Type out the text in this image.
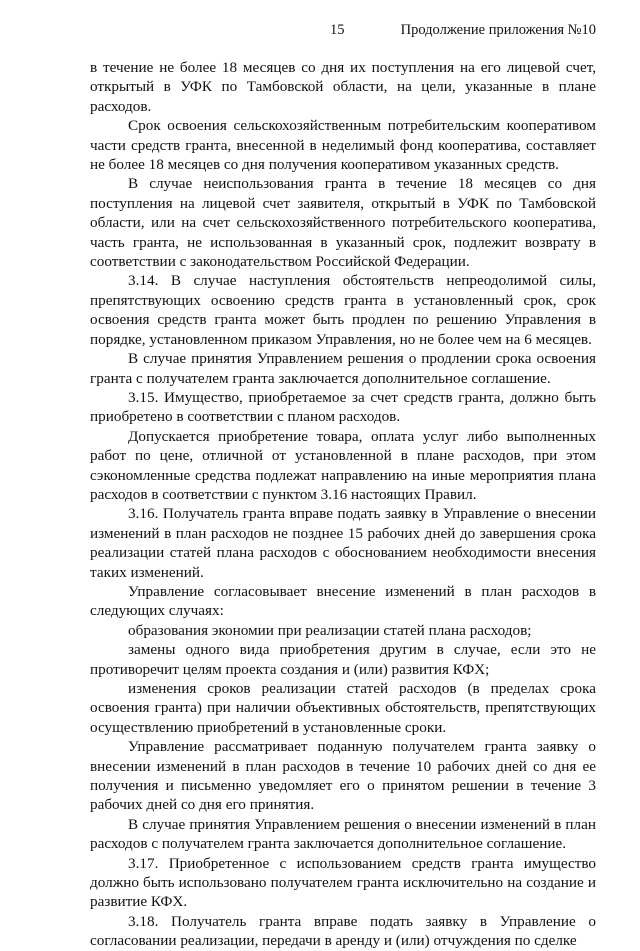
15	Продолжение приложения №10

в течение не более 18 месяцев со дня их поступления на его лицевой счет, открытый в УФК по Тамбовской области, на цели, указанные в плане расходов.

Срок освоения сельскохозяйственным потребительским кооперативом части средств гранта, внесенной в неделимый фонд кооператива, составляет не более 18 месяцев со дня получения кооперативом указанных средств.

В случае неиспользования гранта в течение 18 месяцев со дня поступления на лицевой счет заявителя, открытый в УФК по Тамбовской области, или на счет сельскохозяйственного потребительского кооператива, часть гранта, не использованная в указанный срок, подлежит возврату в соответствии с законодательством Российской Федерации.

3.14. В случае наступления обстоятельств непреодолимой силы, препятствующих освоению средств гранта в установленный срок, срок освоения средств гранта может быть продлен по решению Управления в порядке, установленном приказом Управления, но не более чем на 6 месяцев.

В случае принятия Управлением решения о продлении срока освоения гранта с получателем гранта заключается дополнительное соглашение.

3.15. Имущество, приобретаемое за счет средств гранта, должно быть приобретено в соответствии с планом расходов.

Допускается приобретение товара, оплата услуг либо выполненных работ по цене, отличной от установленной в плане расходов, при этом сэкономленные средства подлежат направлению на иные мероприятия плана расходов в соответствии с пунктом 3.16 настоящих Правил.

3.16. Получатель гранта вправе подать заявку в Управление о внесении изменений в план расходов не позднее 15 рабочих дней до завершения срока реализации статей плана расходов с обоснованием необходимости внесения таких изменений.

Управление согласовывает внесение изменений в план расходов в следующих случаях:

образования экономии при реализации статей плана расходов;

замены одного вида приобретения другим в случае, если это не противоречит целям проекта создания и (или) развития КФХ;

изменения сроков реализации статей расходов (в пределах срока освоения гранта) при наличии объективных обстоятельств, препятствующих осуществлению приобретений в установленные сроки.

Управление рассматривает поданную получателем гранта заявку о внесении изменений в план расходов в течение 10 рабочих дней со дня ее получения и письменно уведомляет его о принятом решении в течение 3 рабочих дней со дня его принятия.

В случае принятия Управлением решения о внесении изменений в план расходов с получателем гранта заключается дополнительное соглашение.

3.17. Приобретенное с использованием средств гранта имущество должно быть использовано получателем гранта исключительно на создание и развитие КФХ.

3.18. Получатель гранта вправе подать заявку в Управление о согласовании реализации, передачи в аренду и (или) отчуждения по сделке
